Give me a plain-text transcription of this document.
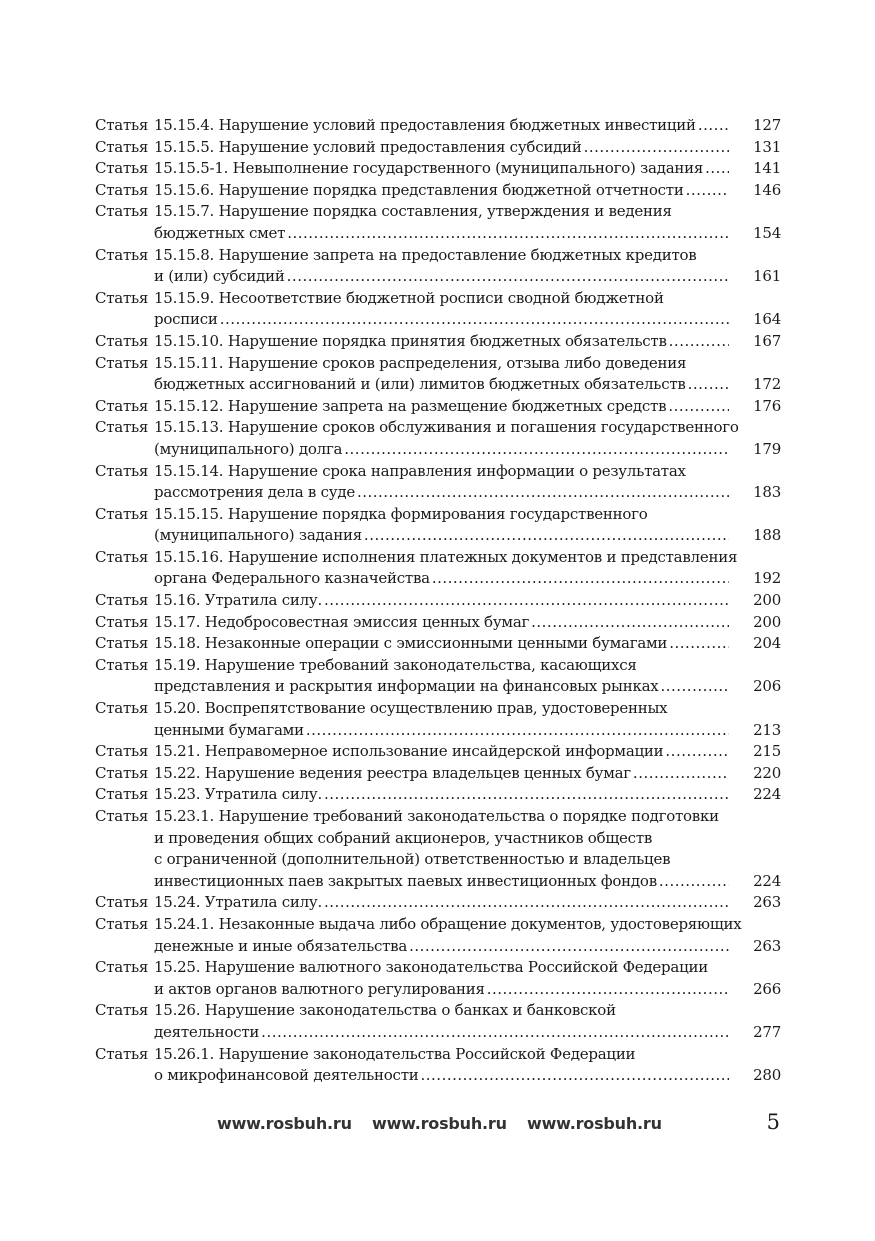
Статья 15.15.4. Нарушение условий предоставления бюджетных инвестиций .....	127
Статья 15.15.5. Нарушение условий предоставления субсидий .....	131
Статья 15.15.5-1. Невыполнение государственного (муниципального) задания .....	141
Статья 15.15.6. Нарушение порядка представления бюджетной отчетности .....	146
Статья 15.15.7. Нарушение порядка составления, утверждения и ведения
бюджетных смет .....	154
Статья 15.15.8. Нарушение запрета на предоставление бюджетных кредитов
и (или) субсидий .....	161
Статья 15.15.9. Несоответствие бюджетной росписи сводной бюджетной
росписи .....	164
Статья 15.15.10. Нарушение порядка принятия бюджетных обязательств .....	167
Статья 15.15.11. Нарушение сроков распределения, отзыва либо доведения
бюджетных ассигнований и (или) лимитов бюджетных обязательств .....	172
Статья 15.15.12. Нарушение запрета на размещение бюджетных средств .....	176
Статья 15.15.13. Нарушение сроков обслуживания и погашения государственного
(муниципального) долга .....	179
Статья 15.15.14. Нарушение срока направления информации о результатах
рассмотрения дела в суде .....	183
Статья 15.15.15. Нарушение порядка формирования государственного
(муниципального) задания .....	188
Статья 15.15.16. Нарушение исполнения платежных документов и представления
органа Федерального казначейства .....	192
Статья 15.16. Утратила силу. .....	200
Статья 15.17. Недобросовестная эмиссия ценных бумаг .....	200
Статья 15.18. Незаконные операции с эмиссионными ценными бумагами .....	204
Статья 15.19. Нарушение требований законодательства, касающихся
представления и раскрытия информации на финансовых рынках .....	206
Статья 15.20. Воспрепятствование осуществлению прав, удостоверенных
ценными бумагами .....	213
Статья 15.21. Неправомерное использование инсайдерской информации .....	215
Статья 15.22. Нарушение ведения реестра владельцев ценных бумаг .....	220
Статья 15.23. Утратила силу. .....	224
Статья 15.23.1. Нарушение требований законодательства о порядке подготовки
и проведения общих собраний акционеров, участников обществ
с ограниченной (дополнительной) ответственностью и владельцев
инвестиционных паев закрытых паевых инвестиционных фондов .....	224
Статья 15.24. Утратила силу. .....	263
Статья 15.24.1. Незаконные выдача либо обращение документов, удостоверяющих
денежные и иные обязательства .....	263
Статья 15.25. Нарушение валютного законодательства Российской Федерации
и актов органов валютного регулирования .....	266
Статья 15.26. Нарушение законодательства о банках и банковской
деятельности .....	277
Статья 15.26.1. Нарушение законодательства Российской Федерации
о микрофинансовой деятельности .....	280
www.rosbuh.ru www.rosbuh.ru www.rosbuh.ru	5
